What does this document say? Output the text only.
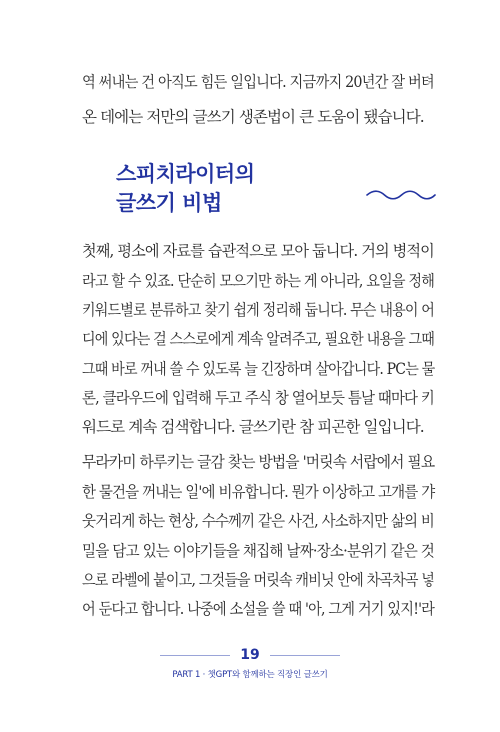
역 써내는 건 아직도 힘든 일입니다. 지금까지 20년간 잘 버텨
온 데에는 저만의 글쓰기 생존법이 큰 도움이 됐습니다.
스피치라이터의
글쓰기 비법
첫째, 평소에 자료를 습관적으로 모아 둡니다. 거의 병적이
라고 할 수 있죠. 단순히 모으기만 하는 게 아니라, 요일을 정해
키워드별로 분류하고 찾기 쉽게 정리해 둡니다. 무슨 내용이 어
디에 있다는 걸 스스로에게 계속 알려주고, 필요한 내용을 그때
그때 바로 꺼내 쓸 수 있도록 늘 긴장하며 살아갑니다. PC는 물
론, 클라우드에 입력해 두고 주식 창 열어보듯 틈날 때마다 키
워드로 계속 검색합니다. 글쓰기란 참 피곤한 일입니다.
무라카미 하루키는 글감 찾는 방법을 '머릿속 서랍에서 필요
한 물건을 꺼내는 일'에 비유합니다. 뭔가 이상하고 고개를 갸
웃거리게 하는 현상, 수수께끼 같은 사건, 사소하지만 삶의 비
밀을 담고 있는 이야기들을 채집해 날짜·장소·분위기 같은 것
으로 라벨에 붙이고, 그것들을 머릿속 캐비닛 안에 차곡차곡 넣
어 둔다고 합니다. 나중에 소설을 쓸 때 '아, 그게 거기 있지!'라
19
PART 1 · 챗GPT와 함께하는 직장인 글쓰기
